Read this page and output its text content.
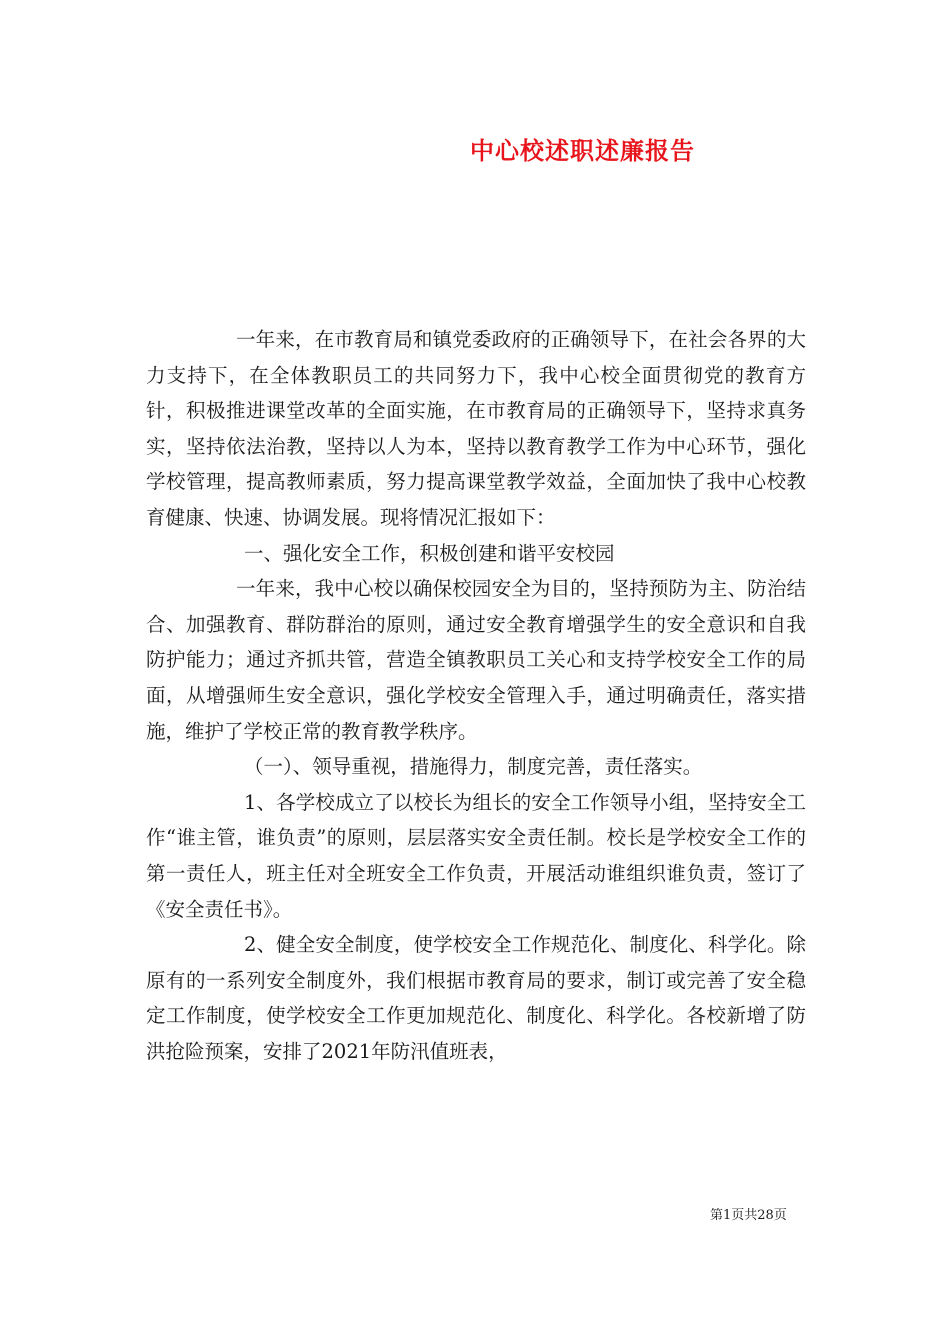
中心校述职述廉报告

一年来，在市教育局和镇党委政府的正确领导下，在社会各界的大力支持下，在全体教职员工的共同努力下，我中心校全面贯彻党的教育方针，积极推进课堂改革的全面实施，在市教育局的正确领导下，坚持求真务实，坚持依法治教，坚持以人为本，坚持以教育教学工作为中心环节，强化学校管理，提高教师素质，努力提高课堂教学效益，全面加快了我中心校教育健康、快速、协调发展。现将情况汇报如下：

一、强化安全工作，积极创建和谐平安校园

一年来，我中心校以确保校园安全为目的，坚持预防为主、防治结合、加强教育、群防群治的原则，通过安全教育增强学生的安全意识和自我防护能力；通过齐抓共管，营造全镇教职员工关心和支持学校安全工作的局面，从增强师生安全意识，强化学校安全管理入手，通过明确责任，落实措施，维护了学校正常的教育教学秩序。

（一）、领导重视，措施得力，制度完善，责任落实。

1、各学校成立了以校长为组长的安全工作领导小组，坚持安全工作“谁主管，谁负责”的原则，层层落实安全责任制。校长是学校安全工作的第一责任人，班主任对全班安全工作负责，开展活动谁组织谁负责，签订了《安全责任书》。

2、健全安全制度，使学校安全工作规范化、制度化、科学化。除原有的一系列安全制度外，我们根据市教育局的要求，制订或完善了安全稳定工作制度，使学校安全工作更加规范化、制度化、科学化。各校新增了防洪抢险预案，安排了2021年防汛值班表，

第1页共28页
